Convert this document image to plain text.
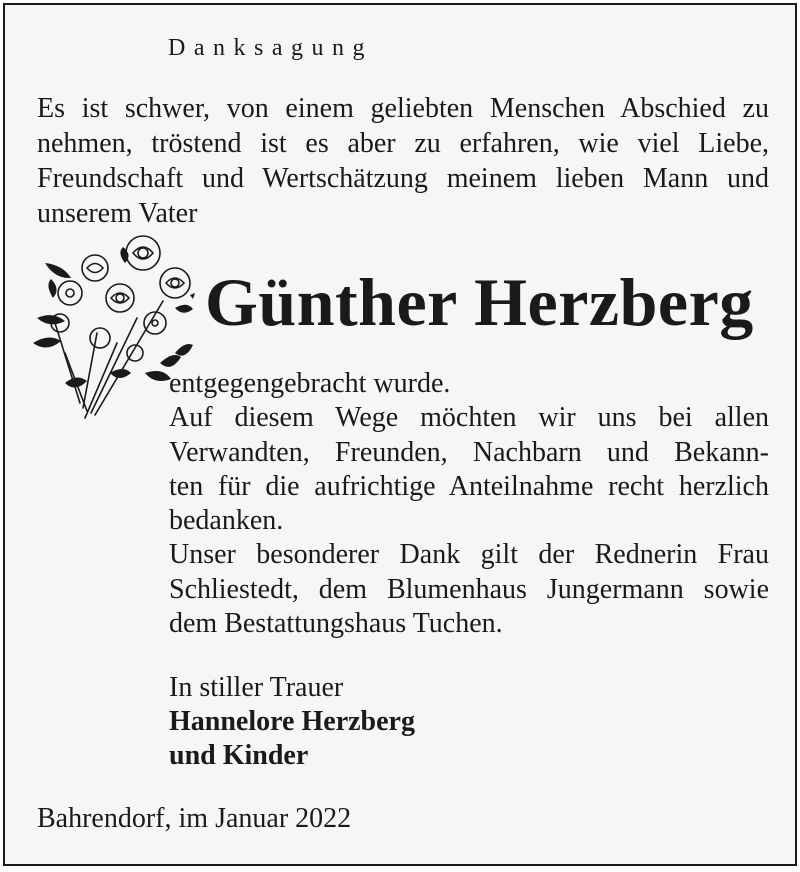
Danksagung
Es ist schwer, von einem geliebten Menschen Abschied zu
nehmen, tröstend ist es aber zu erfahren, wie viel Liebe,
Freundschaft und Wertschätzung meinem lieben Mann und
unserem Vater
Günther Herzberg
entgegengebracht wurde.
Auf diesem Wege möchten wir uns bei allen
Verwandten, Freunden, Nachbarn und Bekann-
ten für die aufrichtige Anteilnahme recht herzlich
bedanken.
Unser besonderer Dank gilt der Rednerin Frau
Schliestedt, dem Blumenhaus Jungermann sowie
dem Bestattungshaus Tuchen.
In stiller Trauer
Hannelore Herzberg
und Kinder
Bahrendorf, im Januar 2022
